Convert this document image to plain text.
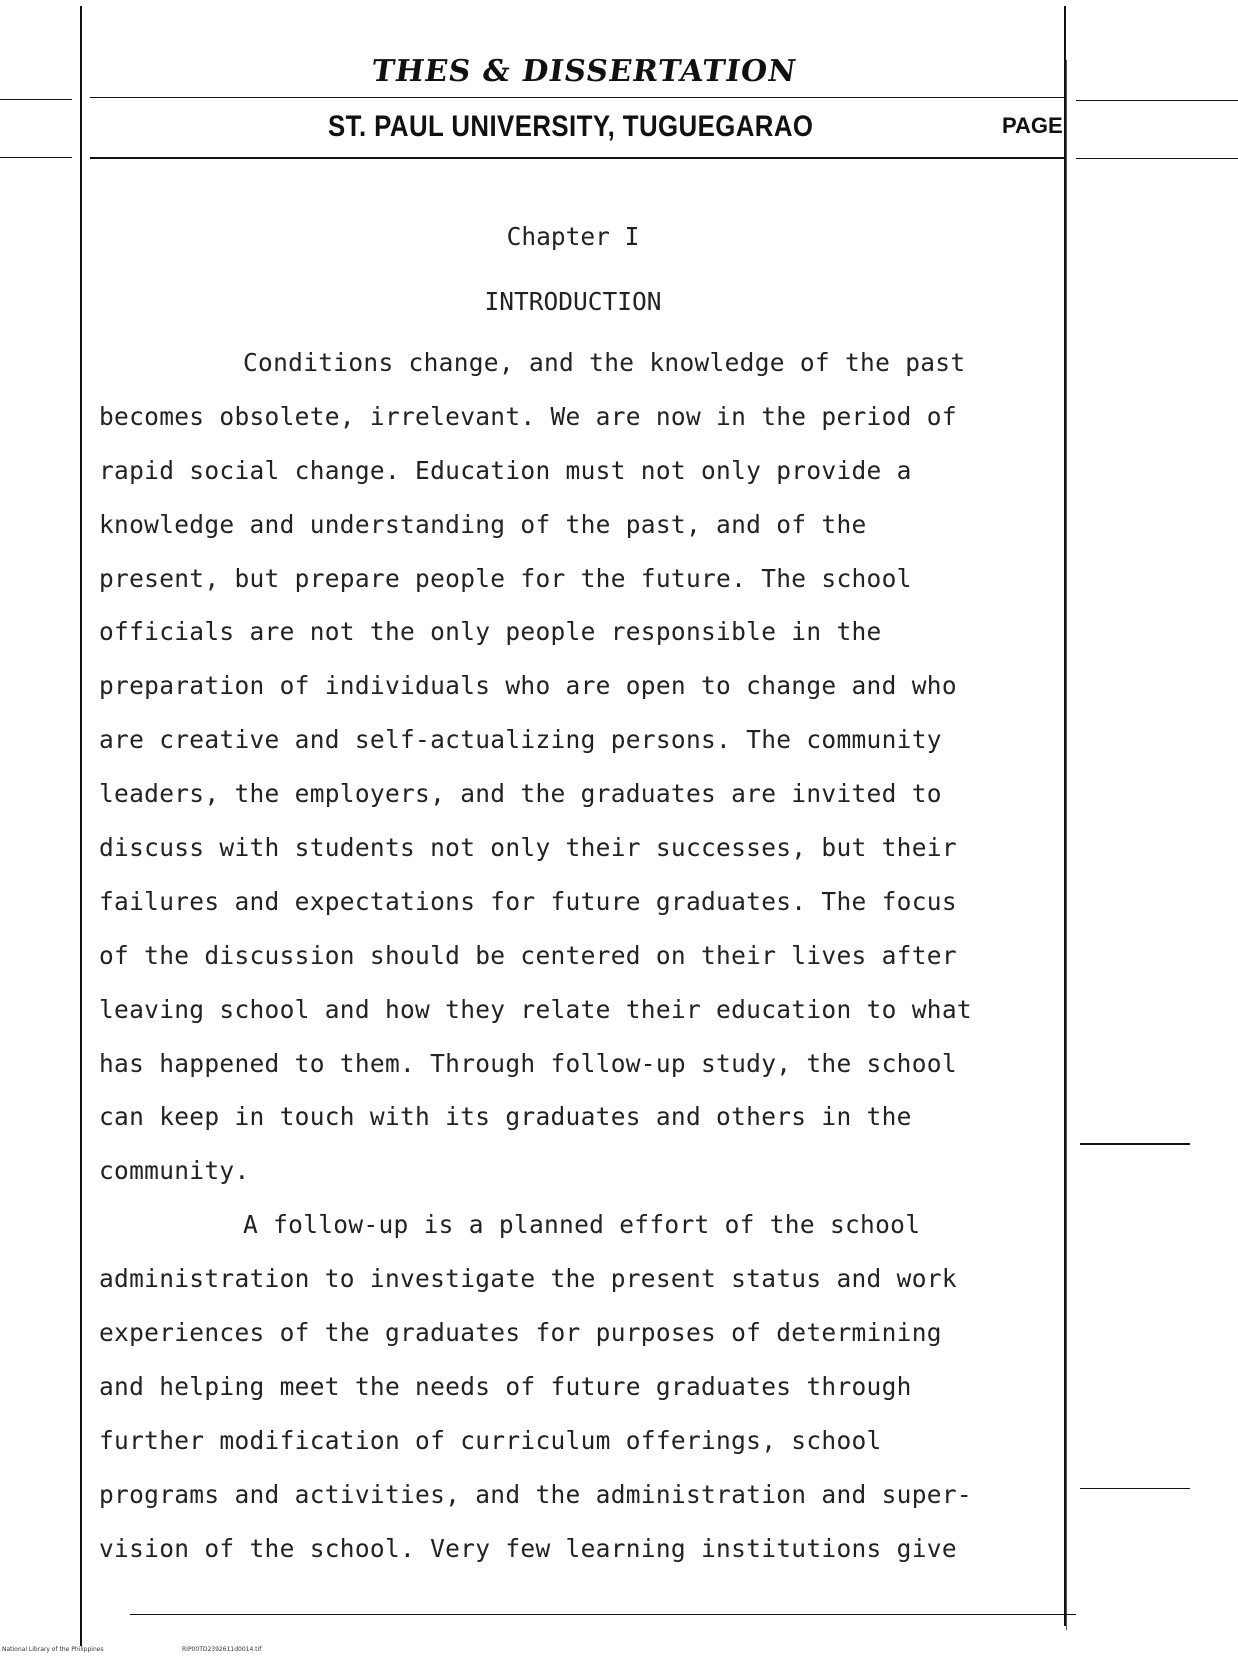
THES & DISSERTATION
ST. PAUL UNIVERSITY, TUGUEGARAO	PAGE
Chapter I
INTRODUCTION
Conditions change, and the knowledge of the past
becomes obsolete, irrelevant. We are now in the period of
rapid social change. Education must not only provide a
knowledge and understanding of the past, and of the
present, but prepare people for the future. The school
officials are not the only people responsible in the
preparation of individuals who are open to change and who
are creative and self-actualizing persons. The community
leaders, the employers, and the graduates are invited to
discuss with students not only their successes, but their
failures and expectations for future graduates. The focus
of the discussion should be centered on their lives after
leaving school and how they relate their education to what
has happened to them. Through follow-up study, the school
can keep in touch with its graduates and others in the
community.
A follow-up is a planned effort of the school
administration to investigate the present status and work
experiences of the graduates for purposes of determining
and helping meet the needs of future graduates through
further modification of curriculum offerings, school
programs and activities, and the administration and super-
vision of the school. Very few learning institutions give
National Library of the Philippines	RIP00TD2392611d0014.tif
